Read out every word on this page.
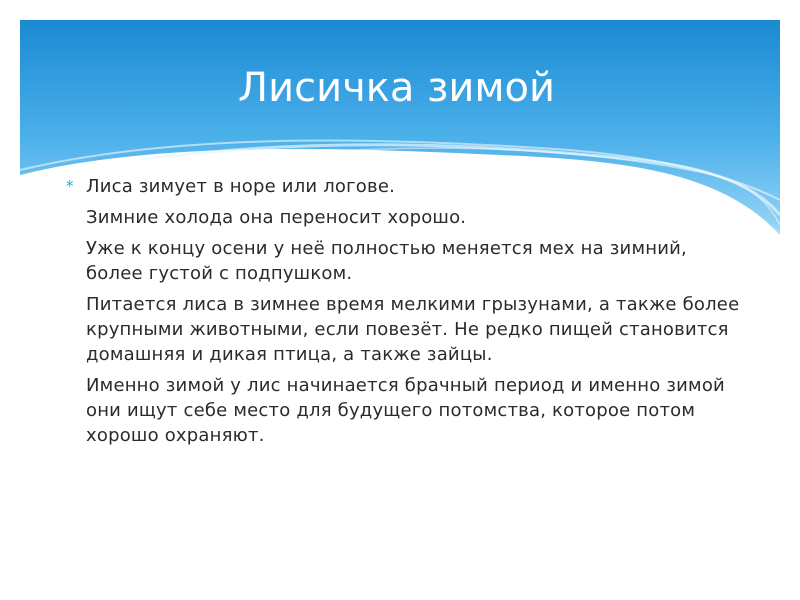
Лисичка зимой

* Лиса зимует в норе или логове.

Зимние холода она переносит хорошо.

Уже к концу осени у неё полностью меняется мех на зимний, более густой с подпушком.

Питается лиса в зимнее время мелкими грызунами, а также более крупными животными, если повезёт. Не редко пищей становится домашняя и дикая птица, а также зайцы.

Именно зимой у лис начинается брачный период и именно зимой они ищут себе место для будущего потомства, которое потом хорошо охраняют.
